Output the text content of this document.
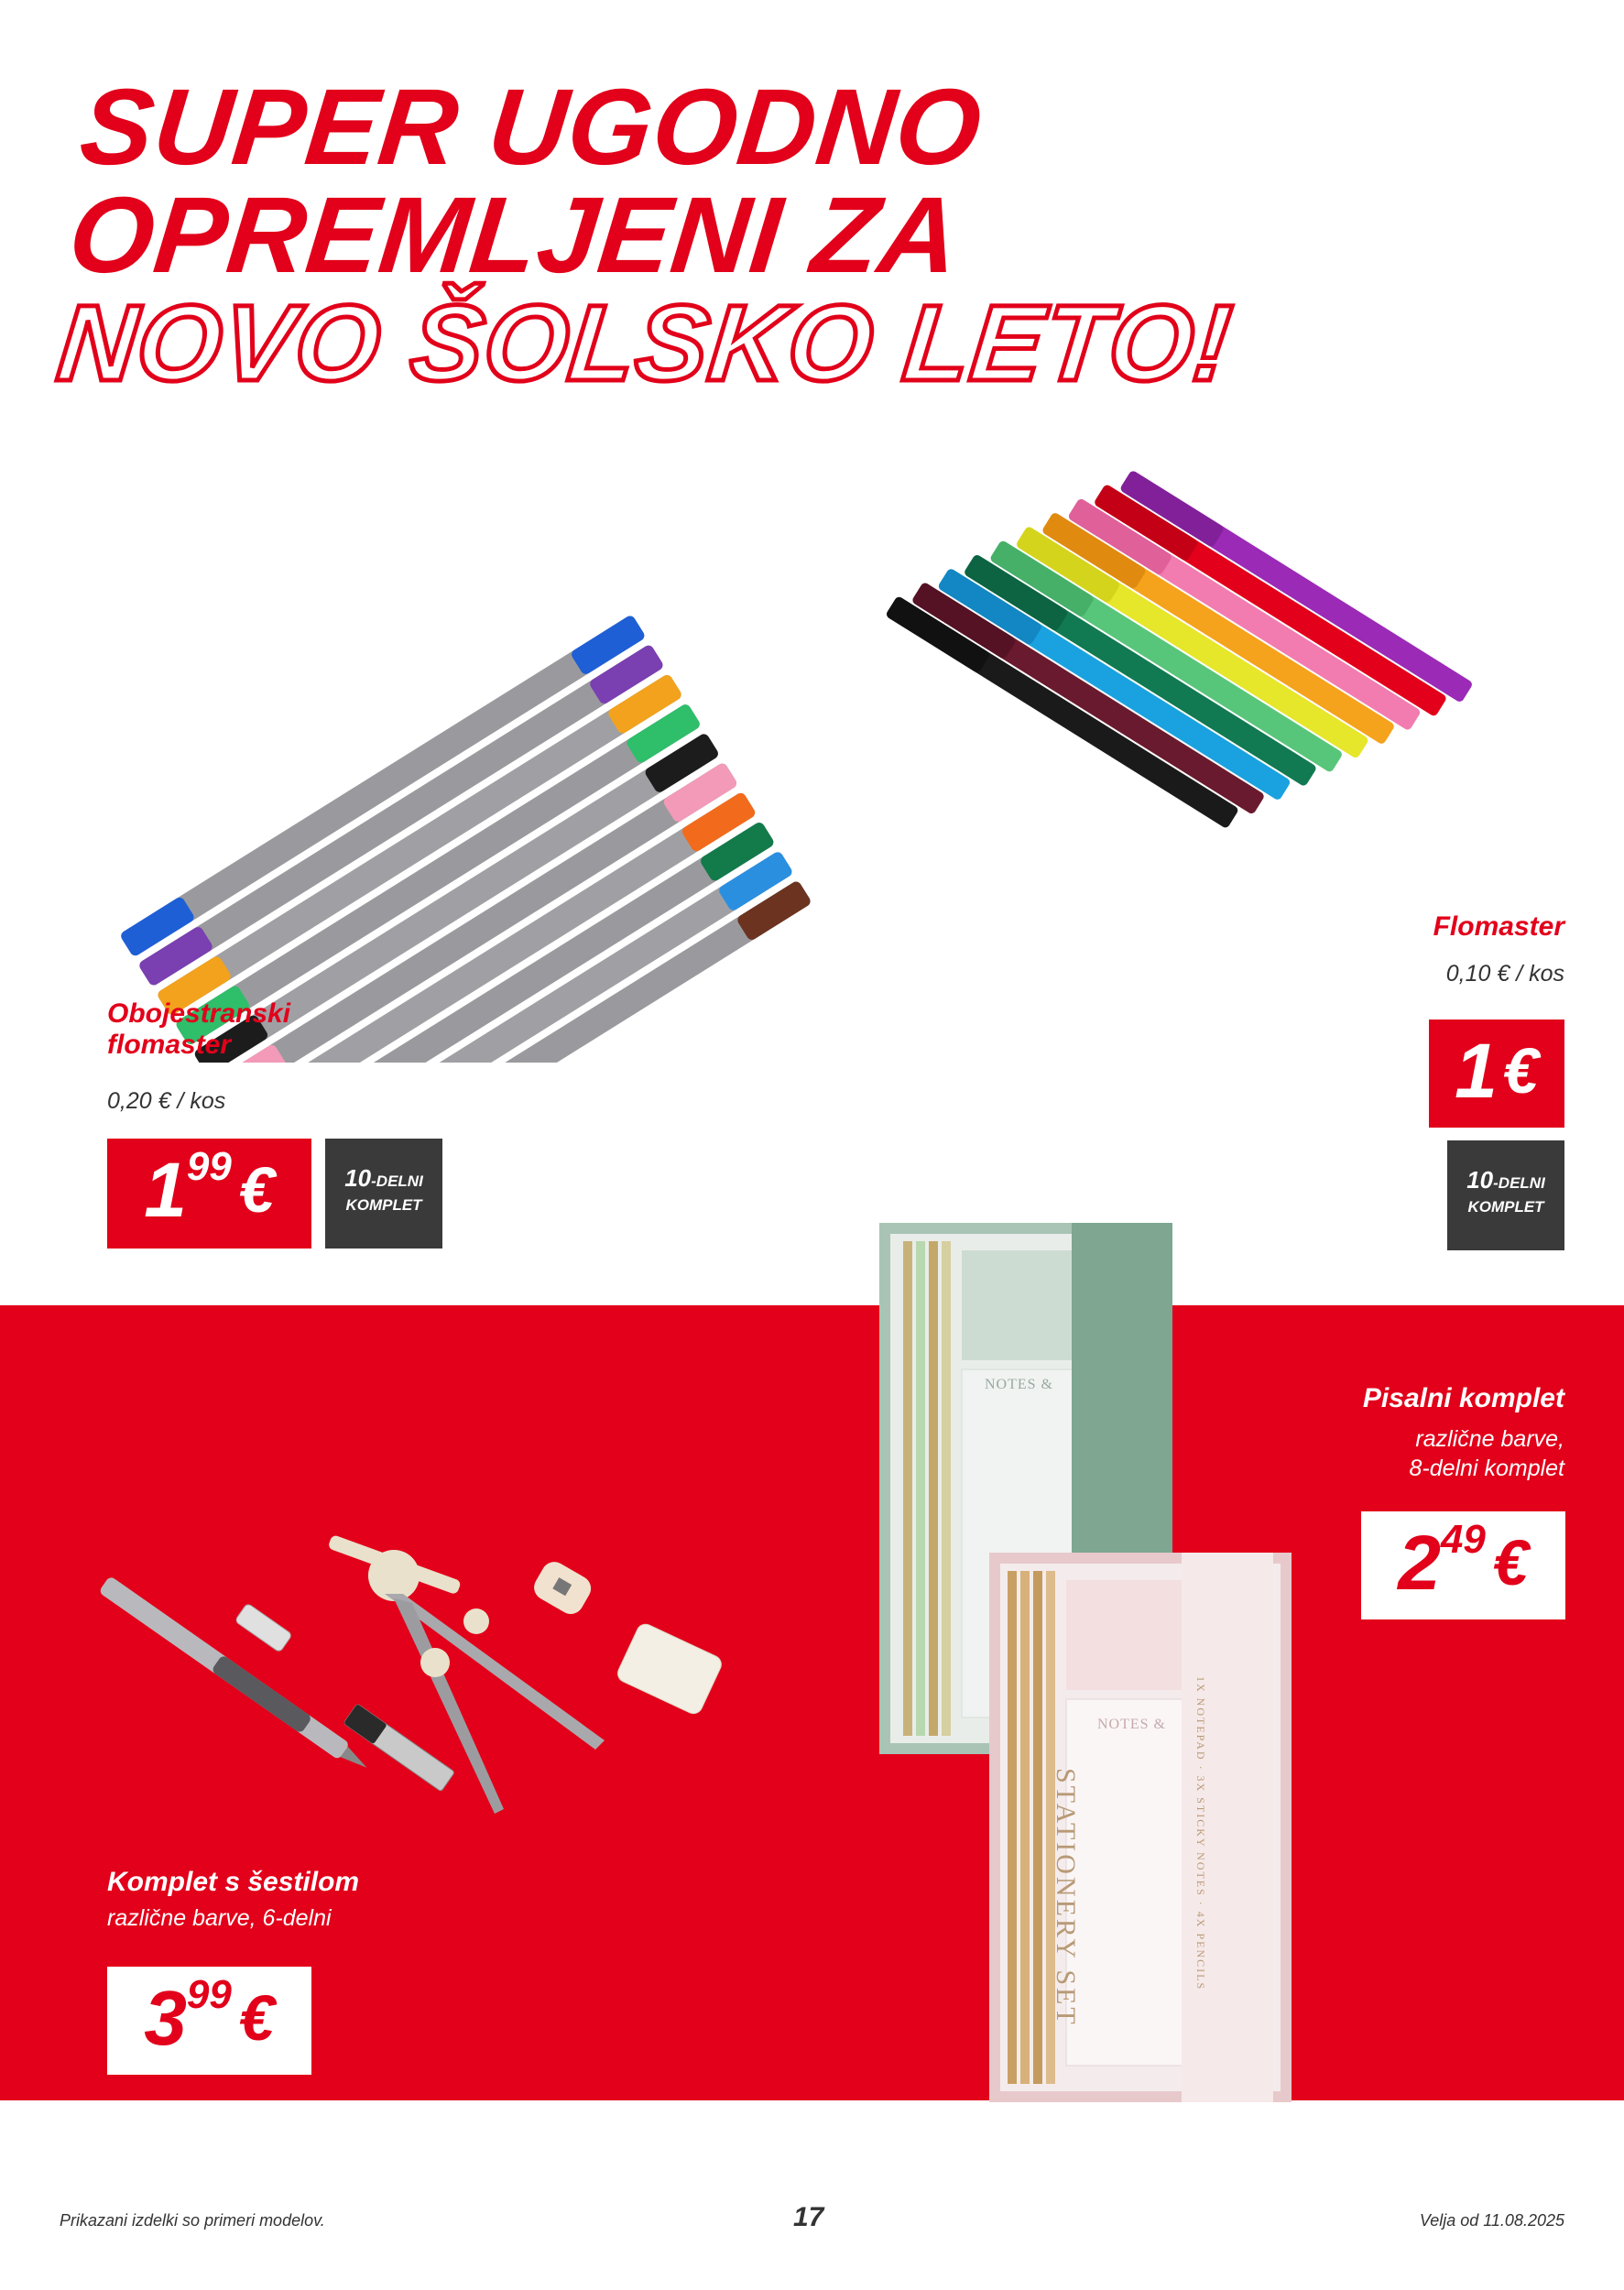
SUPER UGODNO
OPREMLJENI ZA
NOVO ŠOLSKO LETO!
Obojestranski
flomaster
0,20 € / kos
1 99 €	10-DELNI
KOMPLET
Flomaster
0,10 € / kos
1 €
10-DELNI
KOMPLET
NOTES &
NOTES &
STATIONERY SET	1X NOTEPAD · 3X STICKY NOTES · 4X PENCILS
Pisalni komplet
različne barve,
8-delni komplet
2 49 €
Komplet s šestilom
različne barve, 6-delni
3 99 €
Prikazani izdelki so primeri modelov.	17	Velja od 11.08.2025
